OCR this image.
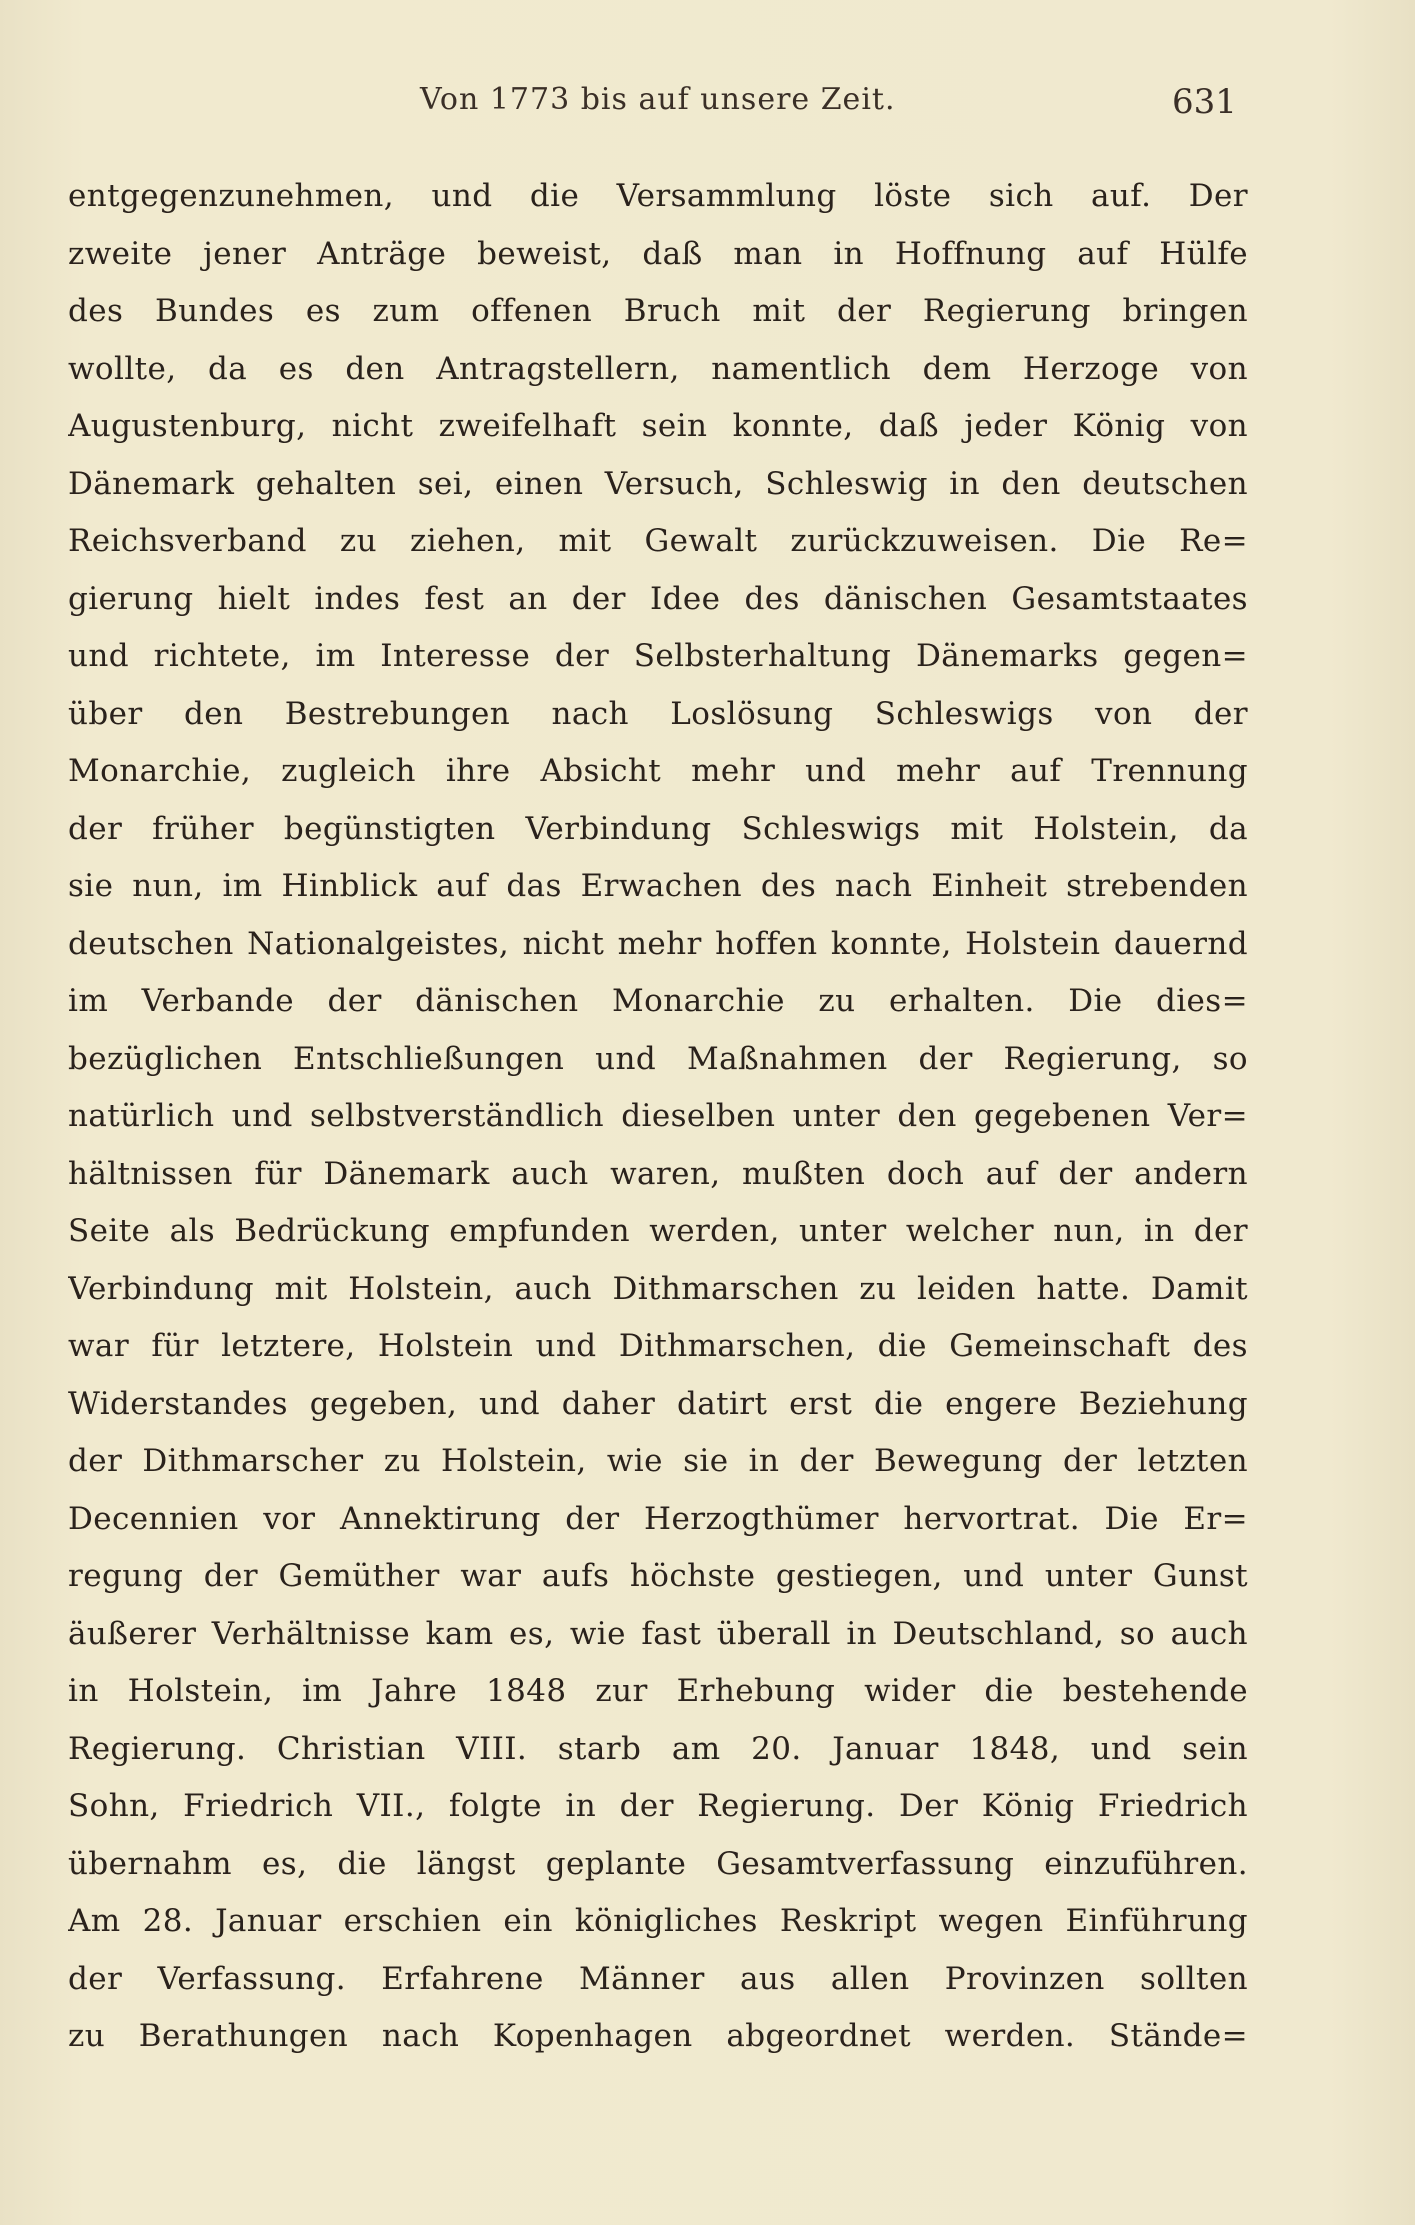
Von 1773 bis auf unsere Zeit.	631
entgegenzunehmen, und die Versammlung löste sich auf. Der
zweite jener Anträge beweist, daß man in Hoffnung auf Hülfe
des Bundes es zum offenen Bruch mit der Regierung bringen
wollte, da es den Antragstellern, namentlich dem Herzoge von
Augustenburg, nicht zweifelhaft sein konnte, daß jeder König von
Dänemark gehalten sei, einen Versuch, Schleswig in den deutschen
Reichsverband zu ziehen, mit Gewalt zurückzuweisen. Die Re=
gierung hielt indes fest an der Idee des dänischen Gesamtstaates
und richtete, im Interesse der Selbsterhaltung Dänemarks gegen=
über den Bestrebungen nach Loslösung Schleswigs von der
Monarchie, zugleich ihre Absicht mehr und mehr auf Trennung
der früher begünstigten Verbindung Schleswigs mit Holstein, da
sie nun, im Hinblick auf das Erwachen des nach Einheit strebenden
deutschen Nationalgeistes, nicht mehr hoffen konnte, Holstein dauernd
im Verbande der dänischen Monarchie zu erhalten. Die dies=
bezüglichen Entschließungen und Maßnahmen der Regierung, so
natürlich und selbstverständlich dieselben unter den gegebenen Ver=
hältnissen für Dänemark auch waren, mußten doch auf der andern
Seite als Bedrückung empfunden werden, unter welcher nun, in der
Verbindung mit Holstein, auch Dithmarschen zu leiden hatte. Damit
war für letztere, Holstein und Dithmarschen, die Gemeinschaft des
Widerstandes gegeben, und daher datirt erst die engere Beziehung
der Dithmarscher zu Holstein, wie sie in der Bewegung der letzten
Decennien vor Annektirung der Herzogthümer hervortrat. Die Er=
regung der Gemüther war aufs höchste gestiegen, und unter Gunst
äußerer Verhältnisse kam es, wie fast überall in Deutschland, so auch
in Holstein, im Jahre 1848 zur Erhebung wider die bestehende
Regierung. Christian VIII. starb am 20. Januar 1848, und sein
Sohn, Friedrich VII., folgte in der Regierung. Der König Friedrich
übernahm es, die längst geplante Gesamtverfassung einzuführen.
Am 28. Januar erschien ein königliches Reskript wegen Einführung
der Verfassung. Erfahrene Männer aus allen Provinzen sollten
zu Berathungen nach Kopenhagen abgeordnet werden. Stände=
